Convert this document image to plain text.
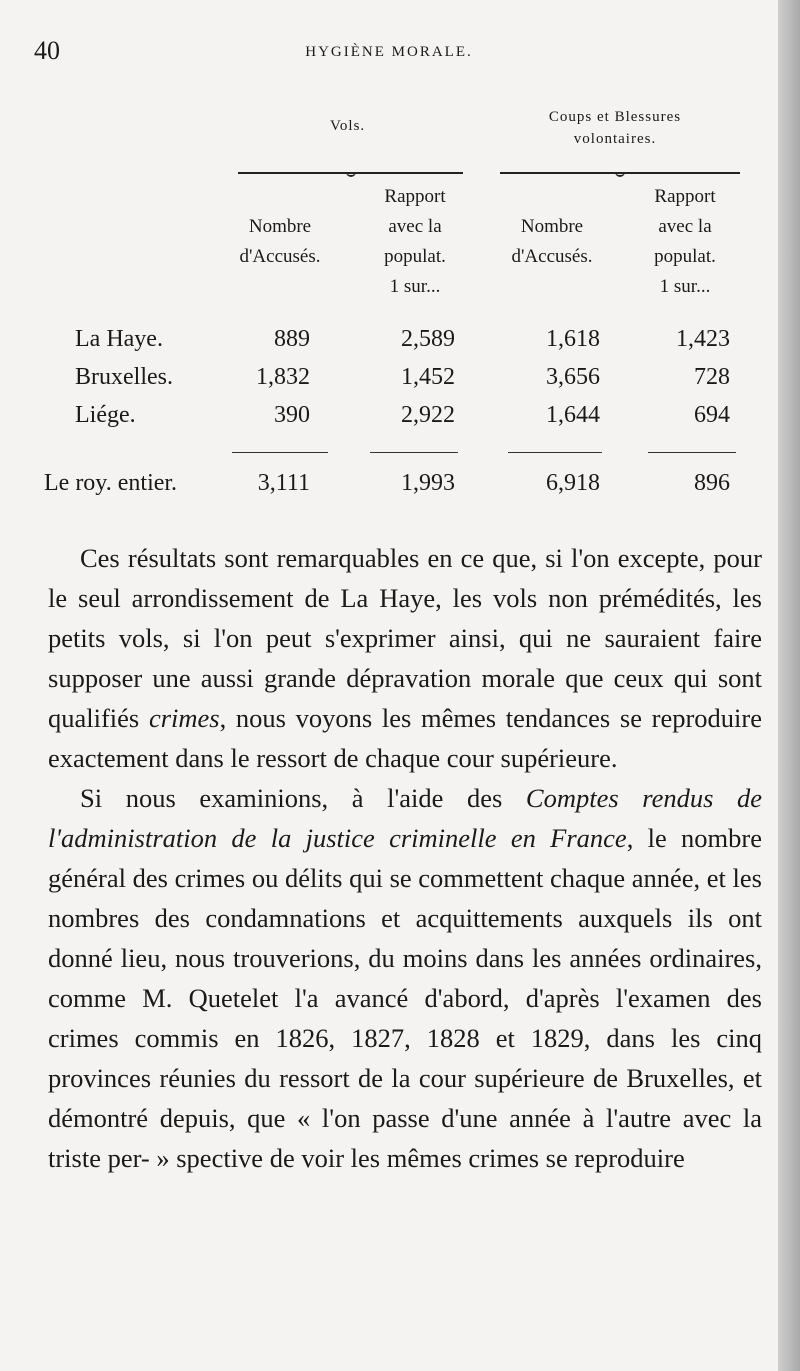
40	HYGIÈNE MORALE.
Vols.
Coups et Blessures
volontaires.
Nombre
d'Accusés.
Rapport
avec la
populat.
1 sur...
Nombre
d'Accusés.
Rapport
avec la
populat.
1 sur...
La Haye.	889	2,589	1,618	1,423
Bruxelles.	1,832	1,452	3,656	728
Liége.	390	2,922	1,644	694
Le roy. entier.	3,111	1,993	6,918	896

Ces résultats sont remarquables en ce que, si l'on excepte, pour le seul arrondissement de La Haye, les vols non prémédités, les petits vols, si l'on peut s'exprimer ainsi, qui ne sauraient faire supposer une aussi grande dépravation morale que ceux qui sont qualifiés crimes, nous voyons les mêmes tendances se reproduire exactement dans le ressort de chaque cour supérieure.

Si nous examinions, à l'aide des Comptes rendus de l'administration de la justice criminelle en France, le nombre général des crimes ou délits qui se commettent chaque année, et les nombres des condamnations et acquittements auxquels ils ont donné lieu, nous trouverions, du moins dans les années ordinaires, comme M. Quetelet l'a avancé d'abord, d'après l'examen des crimes commis en 1826, 1827, 1828 et 1829, dans les cinq provinces réunies du ressort de la cour supérieure de Bruxelles, et démontré depuis, que « l'on passe d'une année à l'autre avec la triste per- » spective de voir les mêmes crimes se reproduire
